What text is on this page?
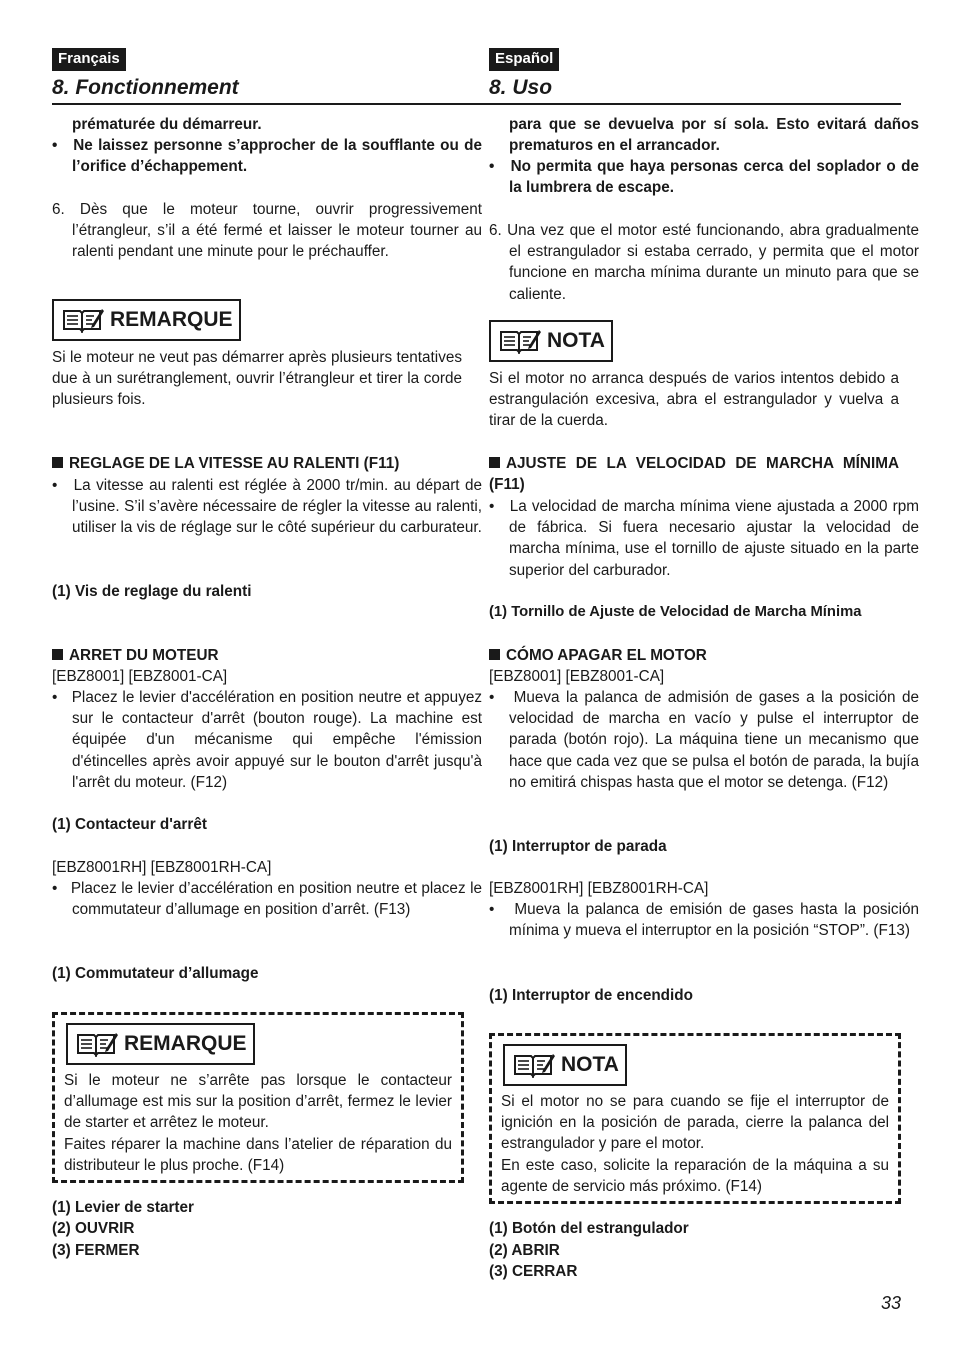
Français
8. Fonctionnement
prématurée du démarreur.
•   Ne laissez personne s’approcher de la soufflante ou de l’orifice d’échappement.
6. Dès que le moteur tourne, ouvrir progressivement l’étrangleur, s’il a été fermé et laisser le moteur tourner au ralenti pendant une minute pour le préchauffer.
REMARQUE
Si le moteur ne veut pas démarrer après plusieurs tentatives due à un surétranglement, ouvrir l’étrangleur et tirer la corde plusieurs fois.
REGLAGE DE LA VITESSE AU RALENTI (F11)
•   La vitesse au ralenti est réglée à 2000 tr/min. au départ de l’usine. S’il s’avère nécessaire de régler la vitesse au ralenti, utiliser la vis de réglage sur le côté supérieur du carburateur.
(1) Vis de reglage du ralenti
ARRET DU MOTEUR
[EBZ8001] [EBZ8001-CA]
•   Placez le levier d'accélération en position neutre et appuyez sur le contacteur d'arrêt (bouton rouge). La machine est équipée d'un mécanisme qui empêche l'émission d'étincelles après avoir appuyé sur le bouton d'arrêt jusqu'à l'arrêt du moteur. (F12)
(1) Contacteur d'arrêt
[EBZ8001RH] [EBZ8001RH-CA]
•   Placez le levier d’accélération en position neutre et placez le commutateur d’allumage en position d’arrêt. (F13)
(1) Commutateur d’allumage
REMARQUE
Si le moteur ne s’arrête pas lorsque le contacteur d’allumage est mis sur la position d’arrêt, fermez le levier de starter et arrêtez le moteur.
Faites réparer la machine dans l’atelier de réparation du distributeur le plus proche. (F14)
(1) Levier de starter
(2) OUVRIR
(3) FERMER
Español
8. Uso
para que se devuelva por sí sola. Esto evitará daños prematuros en el arrancador.
•   No permita que haya personas cerca del soplador o de la lumbrera de escape.
6. Una vez que el motor esté funcionando, abra gradualmente el estrangulador si estaba cerrado, y permita que el motor funcione en marcha mínima durante un minuto para que se caliente.
NOTA
Si el motor no arranca después de varios intentos debido a estrangulación excesiva, abra el estrangulador y vuelva a tirar de la cuerda.
AJUSTE DE LA VELOCIDAD DE MARCHA MÍNIMA (F11)
•   La velocidad de marcha mínima viene ajustada a 2000 rpm de fábrica. Si fuera necesario ajustar la velocidad de marcha mínima, use el tornillo de ajuste situado en la parte superior del carburador.
(1) Tornillo de Ajuste de Velocidad de Marcha Mínima
CÓMO APAGAR EL MOTOR
[EBZ8001] [EBZ8001-CA]
•   Mueva la palanca de admisión de gases a la posición de velocidad de marcha en vacío y pulse el interruptor de parada (botón rojo). La máquina tiene un mecanismo que hace que cada vez que se pulsa el botón de parada, la bujía no emitirá chispas hasta que el motor se detenga. (F12)
(1) Interruptor de parada
[EBZ8001RH] [EBZ8001RH-CA]
•   Mueva la palanca de emisión de gases hasta la posición mínima y mueva el interruptor en la posición “STOP”. (F13)
(1) Interruptor de encendido
NOTA
Si el motor no se para cuando se fije el interruptor de ignición en la posición de parada, cierre la palanca del estrangulador y pare el motor.
En este caso, solicite la reparación de la máquina a su agente de servicio más próximo. (F14)
(1) Botón del estrangulador
(2) ABRIR
(3) CERRAR
33
